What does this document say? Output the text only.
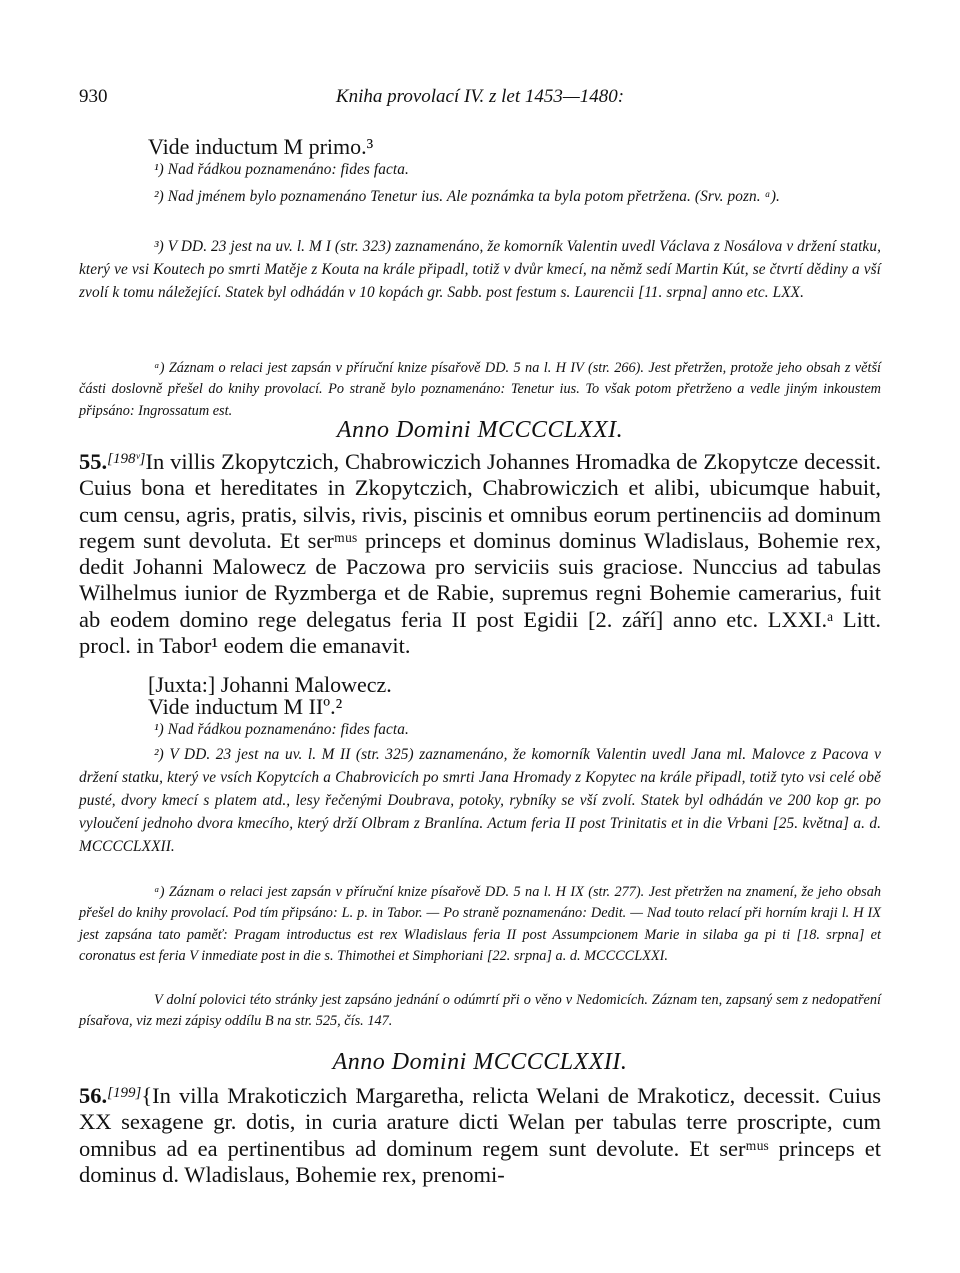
930	Kniha provolací IV. z let 1453—1480:
Vide inductum M primo.³
¹) Nad řádkou poznamenáno: fides facta.
²) Nad jménem bylo poznamenáno Tenetur ius. Ale poznámka ta byla potom přetržena. (Srv. pozn. ᵃ).
³) V DD. 23 jest na uv. l. M I (str. 323) zaznamenáno, že komorník Valentin uvedl Václava z Nosálova v držení statku, který ve vsi Koutech po smrti Matěje z Kouta na krále připadl, totiž v dvůr kmecí, na němž sedí Martin Kút, se čtvrtí dědiny a vší zvolí k tomu náležející. Statek byl odhádán v 10 kopách gr. Sabb. post festum s. Laurencii [11. srpna] anno etc. LXX.
ᵃ) Záznam o relaci jest zapsán v příruční knize písařově DD. 5 na l. H IV (str. 266). Jest přetržen, protože jeho obsah z větší části doslovně přešel do knihy provolací. Po straně bylo poznamenáno: Tenetur ius. To však potom přetrženo a vedle jiným inkoustem připsáno: Ingrossatum est.
Anno Domini MCCCCLXXI.
55.[198ᵛ]In villis Zkopytczich, Chabrowiczich Johannes Hromadka de Zkopytcze decessit. Cuius bona et hereditates in Zkopytczich, Chabrowiczich et alibi, ubicumque habuit, cum censu, agris, pratis, silvis, rivis, piscinis et omnibus eorum pertinenciis ad dominum regem sunt devoluta. Et serᵐᵘˢ princeps et dominus dominus Wladislaus, Bohemie rex, dedit Johanni Malowecz de Paczowa pro serviciis suis graciose. Nunccius ad tabulas Wilhelmus iunior de Ryzmberga et de Rabie, supremus regni Bohemie camerarius, fuit ab eodem domino rege delegatus feria II post Egidii [2. září] anno etc. LXXI.ᵃ Litt. procl. in Tabor¹ eodem die emanavit.
[Juxta:] Johanni Malowecz.
Vide inductum M IIº.²
¹) Nad řádkou poznamenáno: fides facta.
²) V DD. 23 jest na uv. l. M II (str. 325) zaznamenáno, že komorník Valentin uvedl Jana ml. Malovce z Pacova v držení statku, který ve vsích Kopytcích a Chabrovicích po smrti Jana Hromady z Kopytec na krále připadl, totiž tyto vsi celé obě pusté, dvory kmecí s platem atd., lesy řečenými Doubrava, potoky, rybníky se vší zvolí. Statek byl odhádán ve 200 kop gr. po vyloučení jednoho dvora kmecího, který drží Olbram z Branlína. Actum feria II post Trinitatis et in die Vrbani [25. května] a. d. MCCCCLXXII.
ᵃ) Záznam o relaci jest zapsán v příruční knize písařově DD. 5 na l. H IX (str. 277). Jest přetržen na znamení, že jeho obsah přešel do knihy provolací. Pod tím připsáno: L. p. in Tabor. — Po straně poznamenáno: Dedit. — Nad touto relací při horním kraji l. H IX jest zapsána tato paměť: Pragam introductus est rex Wladislaus feria II post Assumpcionem Marie in silaba ga pi ti [18. srpna] et coronatus est feria V inmediate post in die s. Thimothei et Simphoriani [22. srpna] a. d. MCCCCLXXI.
V dolní polovici této stránky jest zapsáno jednání o odúmrtí při o věno v Nedomicích. Záznam ten, zapsaný sem z nedopatření písařova, viz mezi zápisy oddílu B na str. 525, čís. 147.
Anno Domini MCCCCLXXII.
56.[199]{In villa Mrakoticzich Margaretha, relicta Welani de Mrakoticz, decessit. Cuius XX sexagene gr. dotis, in curia arature dicti Welan per tabulas terre proscripte, cum omnibus ad ea pertinentibus ad dominum regem sunt devolute. Et serᵐᵘˢ princeps et dominus d. Wladislaus, Bohemie rex, prenomi-
